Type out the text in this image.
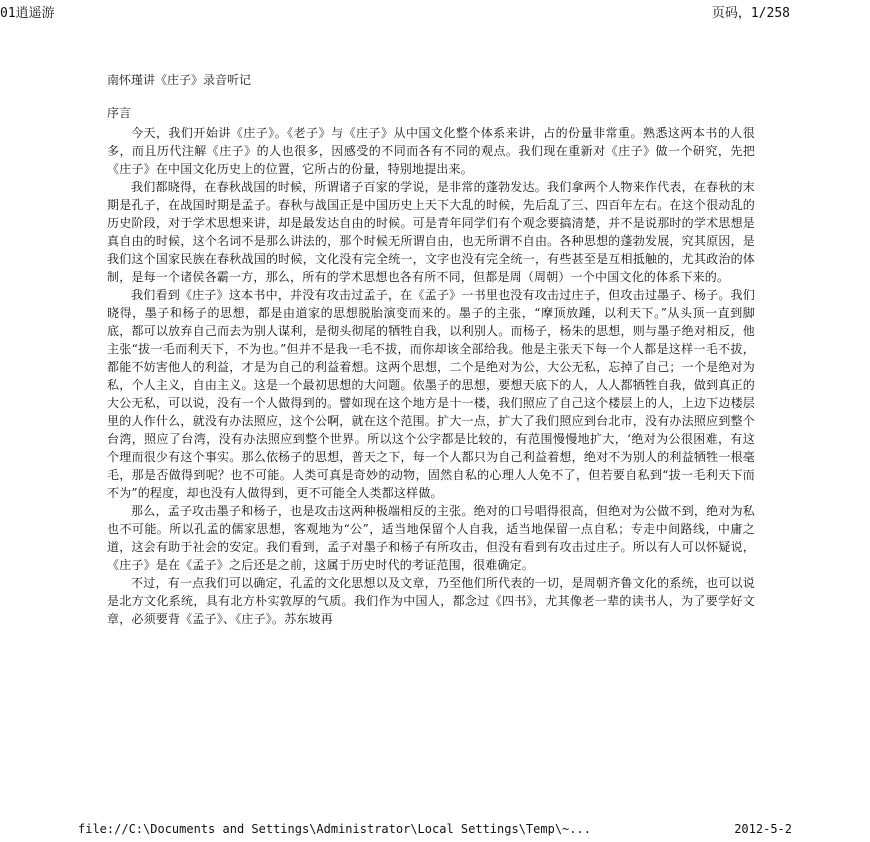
01逍遥游	页码，1/258
南怀瑾讲《庄子》录音听记
序言

今天，我们开始讲《庄子》。《老子》与《庄子》从中国文化整个体系来讲，占的份量非常重。熟悉这两本书的人很多，而且历代注解《庄子》的人也很多，因感受的不同而各有不同的观点。我们现在重新对《庄子》做一个研究，先把《庄子》在中国文化历史上的位置，它所占的份量，特别地提出来。

我们都晓得，在春秋战国的时候，所谓诸子百家的学说，是非常的蓬勃发达。我们拿两个人物来作代表，在春秋的末期是孔子，在战国时期是孟子。春秋与战国正是中国历史上天下大乱的时候，先后乱了三、四百年左右。在这个很动乱的历史阶段，对于学术思想来讲，却是最发达自由的时候。可是青年同学们有个观念要搞清楚，并不是说那时的学术思想是真自由的时候，这个名词不是那么讲法的，那个时候无所谓自由，也无所谓不自由。各种思想的蓬勃发展，究其原因，是我们这个国家民族在春秋战国的时候，文化没有完全统一，文字也没有完全统一，有些甚至是互相抵触的，尤其政治的体制，是每一个诸侯各霸一方，那么，所有的学术思想也各有所不同，但都是周（周朝）一个中国文化的体系下来的。

我们看到《庄子》这本书中，并没有攻击过孟子，在《孟子》一书里也没有攻击过庄子，但攻击过墨子、杨子。我们晓得，墨子和杨子的思想，都是由道家的思想脱胎演变而来的。墨子的主张，“摩顶放踵，以利天下。”从头顶一直到脚底，都可以放弃自己而去为别人谋利，是彻头彻尾的牺牲自我，以利别人。而杨子，杨朱的思想，则与墨子绝对相反，他主张“拔一毛而利天下，不为也。”但并不是我一毛不拔，而你却该全部给我。他是主张天下每一个人都是这样一毛不拔，都能不妨害他人的利益，才是为自己的利益着想。这两个思想，二个是绝对为公，大公无私，忘掉了自己；一个是绝对为私，个人主义，自由主义。这是一个最初思想的大问题。依墨子的思想，要想天底下的人，人人都牺牲自我，做到真正的大公无私，可以说，没有一个人做得到的。譬如现在这个地方是十一楼，我们照应了自己这个楼层上的人，上边下边楼层里的人作什么，就没有办法照应，这个公啊，就在这个范围。扩大一点，扩大了我们照应到台北市，没有办法照应到整个台湾，照应了台湾，没有办法照应到整个世界。所以这个公字都是比较的，有范围慢慢地扩大，‘绝对为公很困难，有这个理而很少有这个事实。那么依杨子的思想，普天之下，每一个人都只为自己利益着想，绝对不为别人的利益牺牲一根毫毛，那是否做得到呢？也不可能。人类可真是奇妙的动物，固然自私的心理人人免不了，但若要自私到“拔一毛利天下而不为”的程度，却也没有人做得到，更不可能全人类都这样做。

那么，孟子攻击墨子和杨子，也是攻击这两种极端相反的主张。绝对的口号唱得很高，但绝对为公做不到，绝对为私也不可能。所以孔孟的儒家思想，客观地为“公”，适当地保留个人自我，适当地保留一点自私；专走中间路线，中庸之道，这会有助于社会的安定。我们看到，孟子对墨子和杨子有所攻击，但没有看到有攻击过庄子。所以有人可以怀疑说，《庄子》是在《孟子》之后还是之前，这属于历史时代的考证范围，很难确定。

不过，有一点我们可以确定，孔孟的文化思想以及文章，乃至他们所代表的一切，是周朝齐鲁文化的系统，也可以说是北方文化系统，具有北方朴实敦厚的气质。我们作为中国人，都念过《四书》，尤其像老一辈的读书人，为了要学好文章，必须要背《孟子》、《庄子》。苏东坡再

file://C:\Documents and Settings\Administrator\Local Settings\Temp\~...	2012-5-2
